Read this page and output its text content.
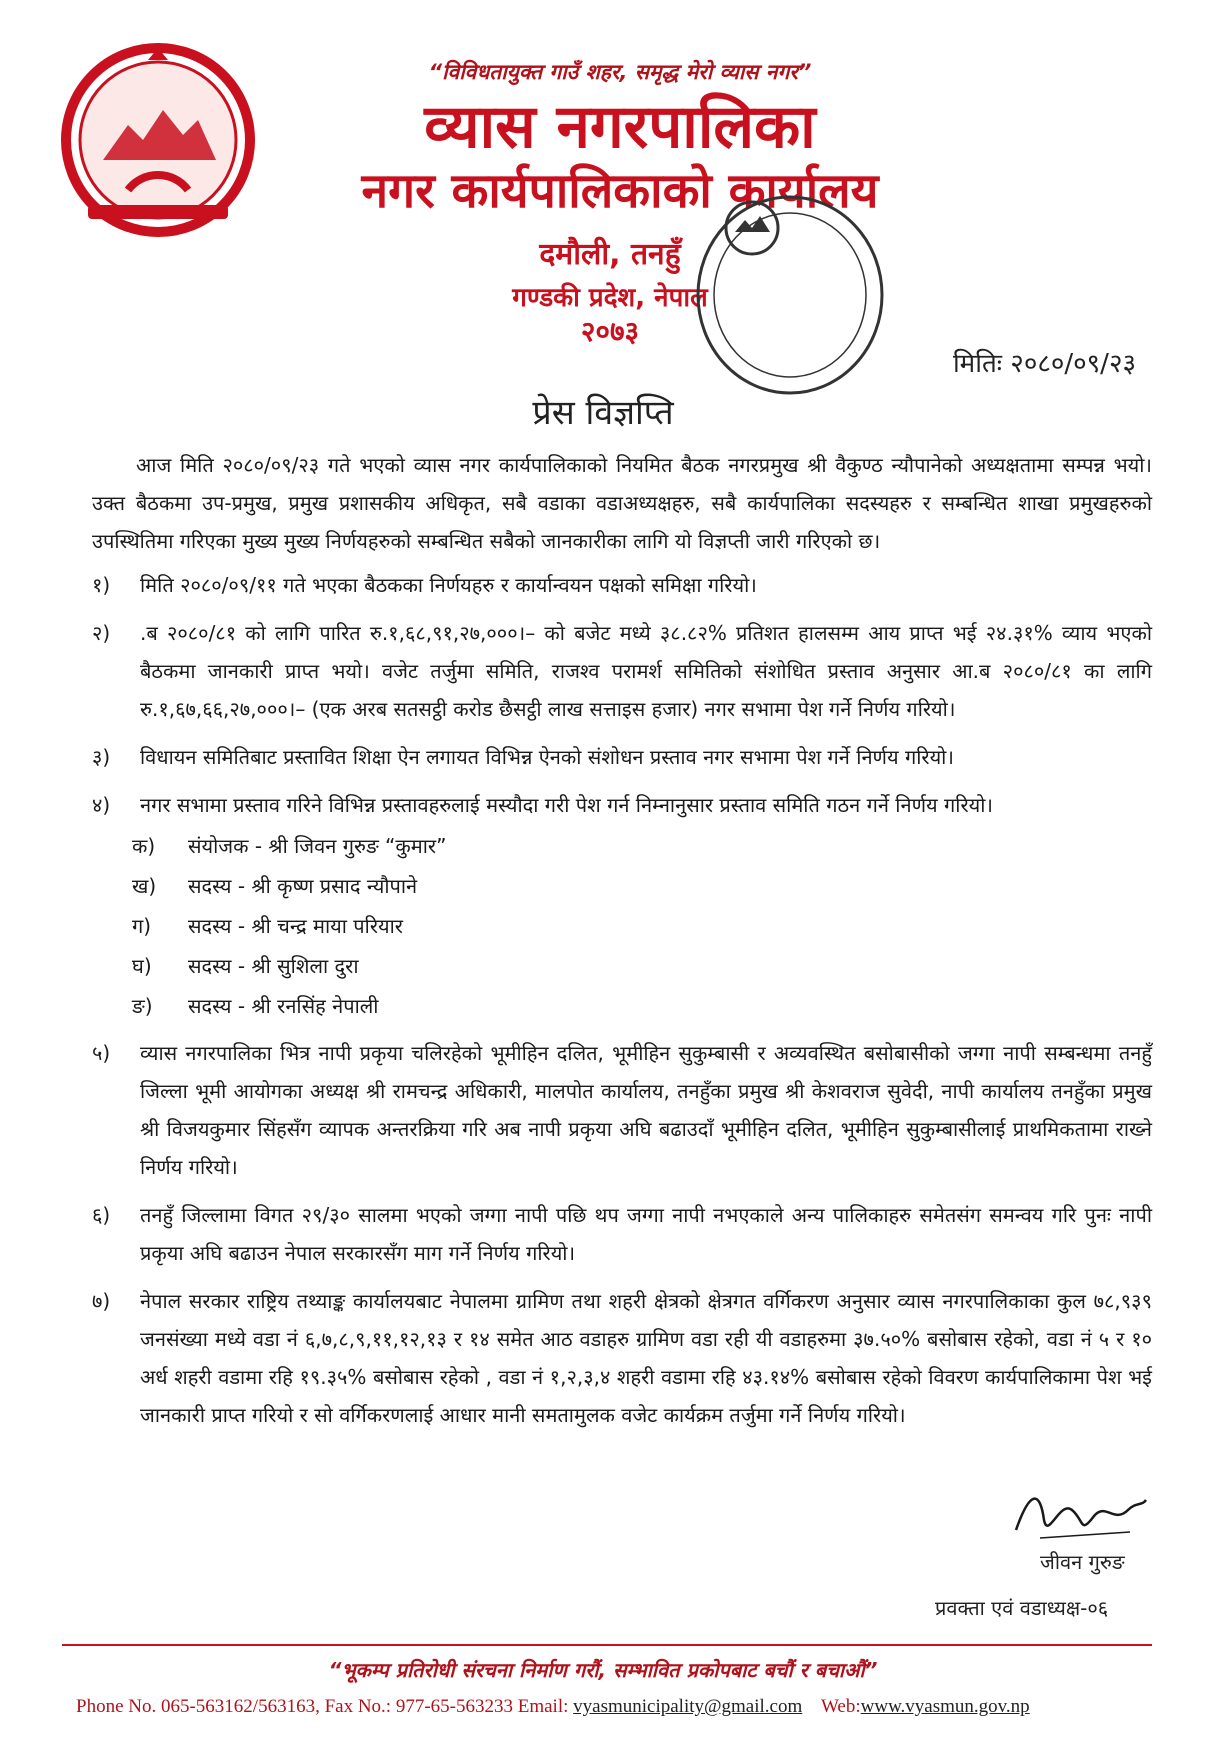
“विविधतायुक्त गाउँ शहर, समृद्ध मेरो व्यास नगर”
व्यास नगरपालिका
नगर कार्यपालिकाको कार्यालय
दमौली, तनहुँ
गण्डकी प्रदेश, नेपाल
२०७३
मितिः २०८०/०९/२३
प्रेस विज्ञप्ति

आज मिति २०८०/०९/२३ गते भएको व्यास नगर कार्यपालिकाको नियमित बैठक नगरप्रमुख श्री वैकुण्ठ न्यौपानेको अध्यक्षतामा सम्पन्न भयो। उक्त बैठकमा उप-प्रमुख, प्रमुख प्रशासकीय अधिकृत, सबै वडाका वडाअध्यक्षहरु, सबै कार्यपालिका सदस्यहरु र सम्बन्धित शाखा प्रमुखहरुको उपस्थितिमा गरिएका मुख्य मुख्य निर्णयहरुको सम्बन्धित सबैको जानकारीका लागि यो विज्ञप्ती जारी गरिएको छ।

१)	मिति २०८०/०९/११ गते भएका बैठकका निर्णयहरु र कार्यान्वयन पक्षको समिक्षा गरियो।
२)	.ब २०८०/८१ को लागि पारित रु.१,६८,९१,२७,०००।– को बजेट मध्ये ३८.८२% प्रतिशत हालसम्म आय प्राप्त भई २४.३१% व्याय भएको बैठकमा जानकारी प्राप्त भयो। वजेट तर्जुमा समिति, राजश्व परामर्श समितिको संशोधित प्रस्ताव अनुसार आ.ब २०८०/८१ का लागि रु.१,६७,६६,२७,०००।– (एक अरब सतसट्ठी करोड छैसट्ठी लाख सत्ताइस हजार) नगर सभामा पेश गर्ने निर्णय गरियो।
३)	विधायन समितिबाट प्रस्तावित शिक्षा ऐन लगायत विभिन्न ऐनको संशोधन प्रस्ताव नगर सभामा पेश गर्ने निर्णय गरियो।
४)	नगर सभामा प्रस्ताव गरिने विभिन्न प्रस्तावहरुलाई मस्यौदा गरी पेश गर्न निम्नानुसार प्रस्ताव समिति गठन गर्ने निर्णय गरियो।
क)	संयोजक - श्री जिवन गुरुङ “कुमार”
ख)	सदस्य - श्री कृष्ण प्रसाद न्यौपाने
ग)	सदस्य - श्री चन्द्र माया परियार
घ)	सदस्य - श्री सुशिला दुरा
ङ)	सदस्य - श्री रनसिंह नेपाली
५)	व्यास नगरपालिका भित्र नापी प्रकृया चलिरहेको भूमीहिन दलित, भूमीहिन सुकुम्बासी र अव्यवस्थित बसोबासीको जग्गा नापी सम्बन्धमा तनहुँ जिल्ला भूमी आयोगका अध्यक्ष श्री रामचन्द्र अधिकारी, मालपोत कार्यालय, तनहुँका प्रमुख श्री केशवराज सुवेदी, नापी कार्यालय तनहुँका प्रमुख श्री विजयकुमार सिंहसँग व्यापक अन्तरक्रिया गरि अब नापी प्रकृया अघि बढाउदाँ भूमीहिन दलित, भूमीहिन सुकुम्बासीलाई प्राथमिकतामा राख्ने निर्णय गरियो।
६)	तनहुँ जिल्लामा विगत २९/३० सालमा भएको जग्गा नापी पछि थप जग्गा नापी नभएकाले अन्य पालिकाहरु समेतसंग समन्वय गरि पुनः नापी प्रकृया अघि बढाउन नेपाल सरकारसँग माग गर्ने निर्णय गरियो।
७)	नेपाल सरकार राष्ट्रिय तथ्याङ्क कार्यालयबाट नेपालमा ग्रामिण तथा शहरी क्षेत्रको क्षेत्रगत वर्गिकरण अनुसार व्यास नगरपालिकाका कुल ७८,९३९ जनसंख्या मध्ये वडा नं ६,७,८,९,११,१२,१३ र १४ समेत आठ वडाहरु ग्रामिण वडा रही यी वडाहरुमा ३७.५०% बसोबास रहेको, वडा नं ५ र १० अर्ध शहरी वडामा रहि १९.३५% बसोबास रहेको , वडा नं १,२,३,४ शहरी वडामा रहि ४३.१४% बसोबास रहेको विवरण कार्यपालिकामा पेश भई जानकारी प्राप्त गरियो र सो वर्गिकरणलाई आधार मानी समतामुलक वजेट कार्यक्रम तर्जुमा गर्ने निर्णय गरियो।
जीवन गुरुङ
प्रवक्ता एवं वडाध्यक्ष-०६
“भूकम्प प्रतिरोधी संरचना निर्माण गरौं, सम्भावित प्रकोपबाट बचौं र बचाऔं”
Phone No. 065-563162/563163, Fax No.: 977-65-563233 Email: vyasmunicipality@gmail.com Web:www.vyasmun.gov.np
